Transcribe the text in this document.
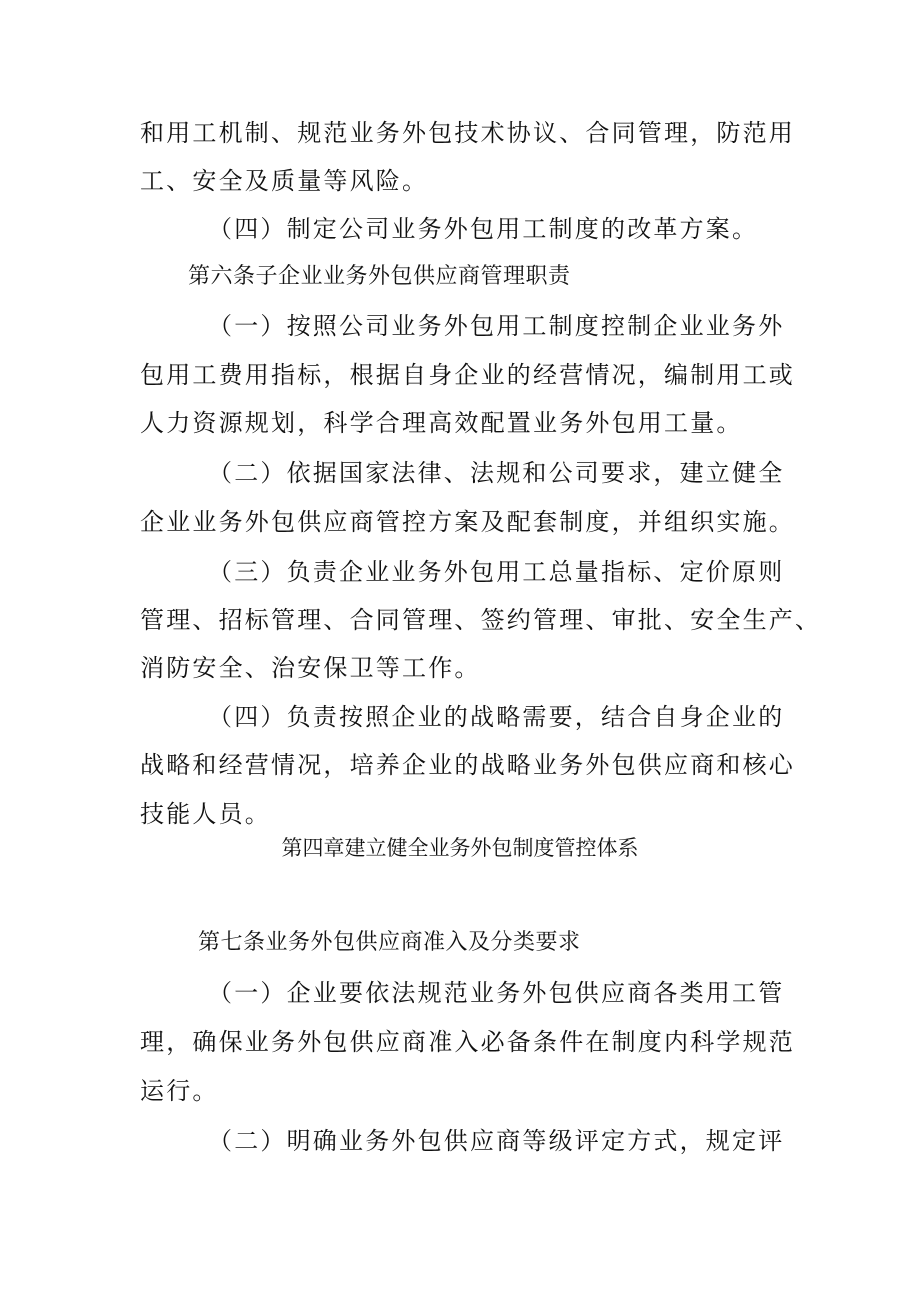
和用工机制、规范业务外包技术协议、合同管理，防范用
工、安全及质量等风险。
（四）制定公司业务外包用工制度的改革方案。
第六条子企业业务外包供应商管理职责
（一）按照公司业务外包用工制度控制企业业务外
包用工费用指标，根据自身企业的经营情况，编制用工或
人力资源规划，科学合理高效配置业务外包用工量。
（二）依据国家法律、法规和公司要求，建立健全
企业业务外包供应商管控方案及配套制度，并组织实施。
（三）负责企业业务外包用工总量指标、定价原则
管理、招标管理、合同管理、签约管理、审批、安全生产、
消防安全、治安保卫等工作。
（四）负责按照企业的战略需要，结合自身企业的
战略和经营情况，培养企业的战略业务外包供应商和核心
技能人员。
第四章建立健全业务外包制度管控体系
第七条业务外包供应商准入及分类要求
（一）企业要依法规范业务外包供应商各类用工管
理，确保业务外包供应商准入必备条件在制度内科学规范
运行。
（二）明确业务外包供应商等级评定方式，规定评
